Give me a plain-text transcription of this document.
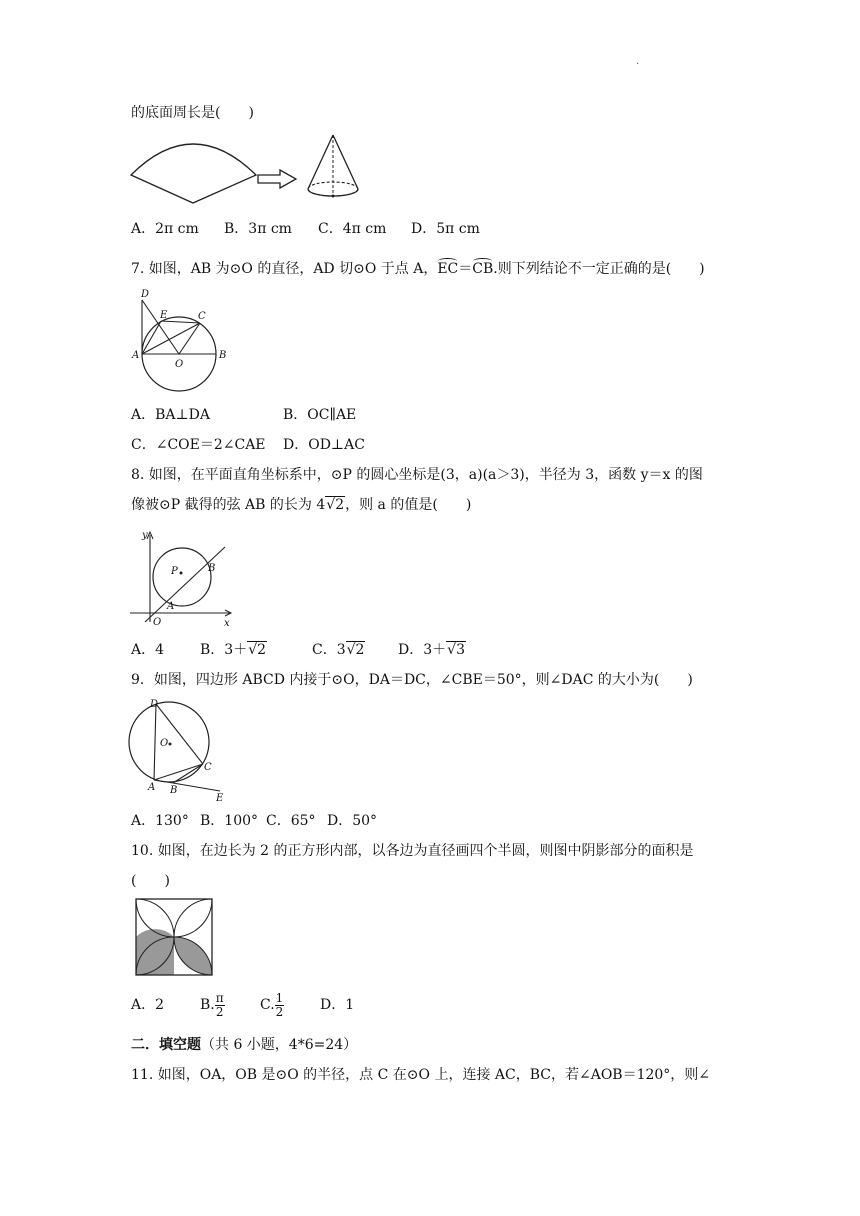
·
的底面周长是(　　)
A．2π cm B．3π cm C．4π cm D．5π cm
7. 如图，AB 为⊙O 的直径，AD 切⊙O 于点 A，EC＝CB.则下列结论不一定正确的是(　　)
D
E	C
A
O
B
A．BA⊥DA	B．OC∥AE
C．∠COE＝2∠CAE D．OD⊥AC
8. 如图，在平面直角坐标系中，⊙P 的圆心坐标是(3，a)(a＞3)，半径为 3，函数 y＝x 的图
像被⊙P 截得的弦 AB 的长为 4√2，则 a 的值是(　　)
y
P	B
A
O	x
A．4	B．3＋√2	C．3√2 D．3＋√3
9．如图，四边形 ABCD 内接于⊙O，DA＝DC，∠CBE＝50°，则∠DAC 的大小为(　　)
D
O
C
A B
E
A．130° B．100° C．65° D．50°
10. 如图，在边长为 2 的正方形内部，以各边为直径画四个半圆，则图中阴影部分的面积是
(　　)
A．2	B. $\frac{\pi}{2}$	C. $\frac{1}{2}$	D．1
二．填空题（共 6 小题，4*6=24）
11. 如图，OA，OB 是⊙O 的半径，点 C 在⊙O 上，连接 AC，BC，若∠AOB＝120°，则∠
